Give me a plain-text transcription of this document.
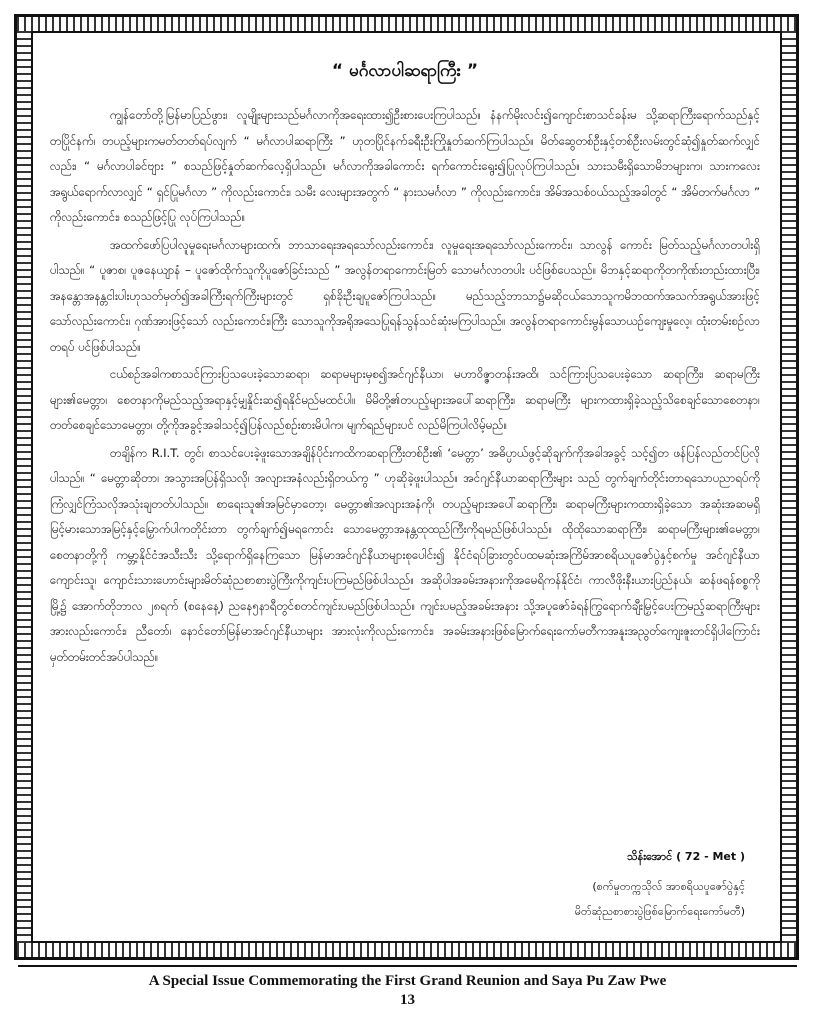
“ မင်္ဂလာပါဆရာကြီး ”

ကျွန်တော်တို့မြန်မာပြည်ဖွား၊ လူမျိုးများသည်မင်္ဂလာကိုအရေးထား၍ဦးစားပေးကြပါသည်။ နံနက်မိုးလင်း၍ကျောင်းစာသင်ခန်းမ သို့ဆရာကြီးရောက်သည်နှင့်တပြိုင်နက်၊ တပည့်များကမတ်တတ်ရပ်လျက် “ မင်္ဂလာပါဆရာကြီး ” ဟုတပြိုင်နက်ခရီးဦးကြိုနှုတ်ဆက်ကြပါသည်။ မိတ်ဆွေတစ်ဦးနှင့်တစ်ဦးလမ်းတွင်ဆုံ၍နှုတ်ဆက်လျှင်လည်း၊ “ မင်္ဂလာပါခင်ဗျား ” စသည်ဖြင့်နှုတ်ဆက်လေ့ရှိပါသည်။ မင်္ဂလာကိုအခါကောင်း ရက်ကောင်းရွေး၍ပြုလုပ်ကြပါသည်။ သားသမီးရှိသောမိဘများက၊ သားကလေးအရွယ်ရောက်လာလျှင် “ ရှင်ပြုမင်္ဂလာ ” ကိုလည်းကောင်း၊ သမီး လေးများအတွက် “ နားသမင်္ဂလာ ” ကိုလည်းကောင်း၊ အိမ်အသစ်ဝယ်သည့်အခါတွင် “ အိမ်တက်မင်္ဂလာ ” ကိုလည်းကောင်း၊ စသည်ဖြင့်ပြု လုပ်ကြပါသည်။

အထက်ဖော်ပြပါလူမှုရေးမင်္ဂလာများထက်၊ ဘာသာရေးအရသော်လည်းကောင်း၊ လူမှုရေးအရသော်လည်းကောင်း၊ သာလွန် ကောင်း မြတ်သည့်မင်္ဂလာတပါးရှိပါသည်။ “ ပူဇာစ၊ ပူဇနေယျာနံ – ပူဇော်ထိုက်သူကိုပူဇော်ခြင်းသည် ” အလွန်တရာကောင်းမြတ် သောမင်္ဂလာတပါး ပင်ဖြစ်ပေသည်။ မိဘနှင့်ဆရာကိုတကိုဏ်းတည်းထားပြီး၊ အနန္တောအနန္တငါးပါးဟုသတ်မှတ်၍အခါကြီးရက်ကြီးများတွင် ရှစ်ခိုးဦးချပူဇော်ကြပါသည်။ မည်သည့်ဘာသာ၌မဆိုငယ်သောသူကမိဘထက်အသက်အရွယ်အားဖြင့် သော်လည်းကောင်း၊ ဂုဏ်အားဖြင့်သော် လည်းကောင်း၊ကြီး သောသူကိုအရိုအသေပြုရန်သွန်သင်ဆုံးမကြပါသည်။ အလွန်တရာကောင်းမွန်သောယဉ်ကျေးမှုလေ့၊ ထုံးတမ်းစဉ်လာတရပ် ပင်ဖြစ်ပါသည်။

ငယ်စဉ်အခါကစာသင်ကြားပြသပေးခဲ့သောဆရာ၊ ဆရာမများမှစ၍အင်ဂျင်နီယာ၊ မဟာဝိဇ္ဇာတန်းအထိ၊ သင်ကြားပြသပေးခဲ့သော ဆရာကြီး၊ ဆရာမကြီးများ၏မေတ္တာ၊ စေတနာကိုမည်သည့်အရာနှင့်မျှနှိုင်းဆ၍ရနိုင်မည်မထင်ပါ။ မိမိတို့၏တပည့်များအပေါ်ဆရာကြီး၊ ဆရာမကြီး များကထားရှိခဲ့သည့်သိစေချင်သောစေတနာ၊ တတ်စေချင်သောမေတ္တာ၊ တို့ကိုအခွင့်အခါသင့်၍ပြန်လည်စဉ်းစားမိပါက၊ မျက်ရည်များပင် လည်မိကြပါလိမ့်မည်။

တချိန်က R.I.T. တွင်၊ စာသင်ပေးခဲ့ဖူးသောအချိန်ပိုင်းကထိကဆရာကြီးတစ်ဦး၏ ‘မေတ္တာ’ အဓိပ္ပာယ်ဖွင့်ဆိုချက်ကိုအခါအခွင့် သင့်၍တ ဖန်ပြန်လည်တင်ပြလိုပါသည်။ “ မေတ္တာဆိုတာ၊ အသွားအပြန်ရှိသလို၊ အလျားအနံလည်းရှိတယ်ကွ ” ဟုဆိုခဲ့ဖူးပါသည်။ အင်ဂျင်နီယာဆရာကြီးများ သည် တွက်ချက်တိုင်းတာရသောပညာရပ်ကို ကြံလျှင်ကြံသလိုအသုံးချတတ်ပါသည်။ စာရေးသူ၏အမြင်မှာတော့၊ မေတ္တာ၏အလျားအနံကို၊ တပည့်များအပေါ်ဆရာကြီး၊ ဆရာမကြီးများကထားရှိခဲ့သော အဆုံးအဆမရှိမြင့်မားသောအမြင့်နှင့်မြှောက်ပါကတိုင်းတာ တွက်ချက်၍မရကောင်း သောမေတ္တာအနန္တထုထည်ကြီးကိုရမည်ဖြစ်ပါသည်။ ထိုထိုသောဆရာကြီး၊ ဆရာမကြီးများ၏မေတ္တာ၊ စေတနာတို့ကို ကမ္ဘာ့နိုင်ငံအသီးသီး သို့ရောက်ရှိနေကြသော မြန်မာအင်ဂျင်နီယာများစုပေါင်း၍ နိုင်ငံရပ်ခြားတွင်ပထမဆုံးအကြိမ်အာစရိယပူဇော်ပွဲနှင့်စက်မှု အင်ဂျင်နီယာကျောင်းသူ၊ ကျောင်းသားဟောင်းများမိတ်ဆုံညစာစားပွဲကြီးကိုကျင်းပကြမည်ဖြစ်ပါသည်။ အဆိုပါအခမ်းအနားကိုအမေရိကန်နိုင်ငံ၊ ကာလီဖိုးနီးယားပြည်နယ်၊ ဆန်ဖရန်စစ္စကိုမြို့၌ အောက်တိုဘာလ ၂၈ရက် (စနေနေ့) ညနေ၅နာရီတွင်စတင်ကျင်းပမည်ဖြစ်ပါသည်။ ကျင်းပမည့်အခမ်းအနား သို့အပူဇော်ခံရန်ကြွရောက်ချီးမြှင့်ပေးကြမည့်ဆရာကြီးများအားလည်းကောင်း၊ ညီတော်၊ နောင်တော်မြန်မာအင်ဂျင်နီယာများ အားလုံးကိုလည်းကောင်း၊ အခမ်းအနားဖြစ်မြောက်ရေးကော်မတီကအနူးအညွတ်ကျေးဇူးတင်ရှိပါကြောင်းမှတ်တမ်းတင်အပ်ပါသည်။

သိန်းအောင် ( 72 - Met )
(စက်မှုတက္ကသိုလ် အာစရိယပူဇော်ပွဲနှင့်
မိတ်ဆုံညစာစားပွဲဖြစ်မြောက်ရေးကော်မတီ)
A Special Issue Commemorating the First Grand Reunion and Saya Pu Zaw Pwe
13
